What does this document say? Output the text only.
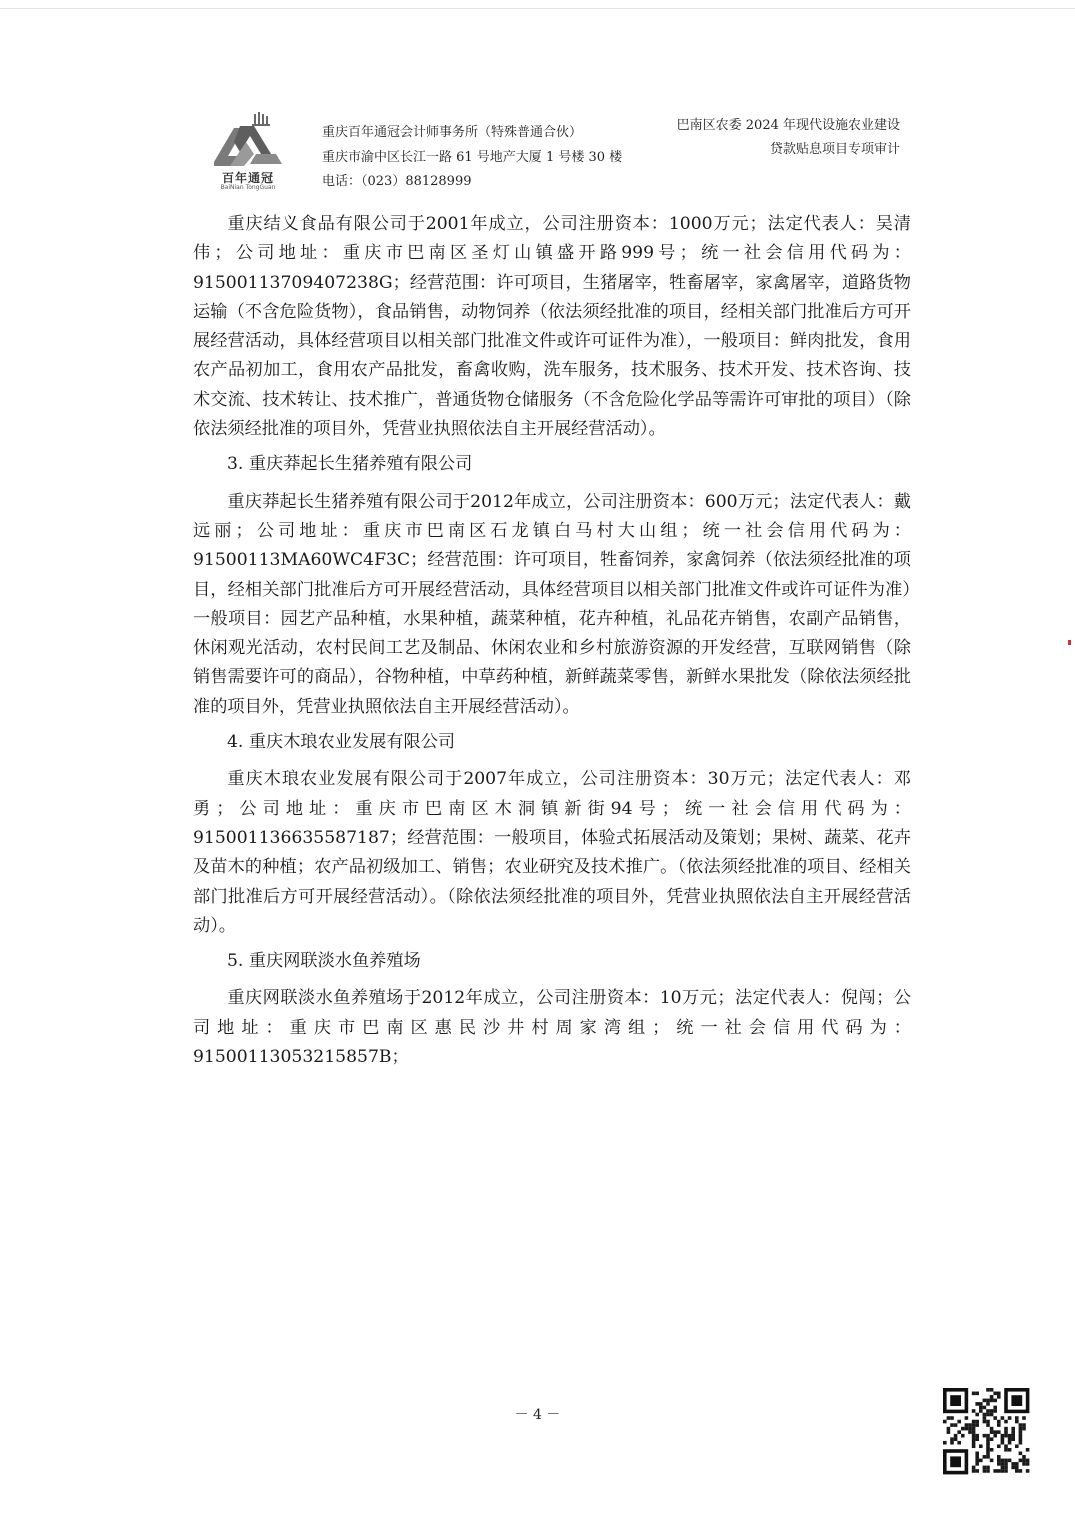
百年通冠
BaiNian TongGuan
重庆百年通冠会计师事务所（特殊普通合伙）
重庆市渝中区长江一路 61 号地产大厦 1 号楼 30 楼
电话：（023）88128999
巴南区农委 2024 年现代设施农业建设
贷款贴息项目专项审计

重庆结义食品有限公司于2001年成立，公司注册资本：1000万元；法定代表人：吴清伟；公司地址：重庆市巴南区圣灯山镇盛开路999号；统一社会信用代码为：91500113709407238G；经营范围：许可项目，生猪屠宰，牲畜屠宰，家禽屠宰，道路货物运输（不含危险货物），食品销售，动物饲养（依法须经批准的项目，经相关部门批准后方可开展经营活动，具体经营项目以相关部门批准文件或许可证件为准），一般项目：鲜肉批发，食用农产品初加工，食用农产品批发，畜禽收购，洗车服务，技术服务、技术开发、技术咨询、技术交流、技术转让、技术推广，普通货物仓储服务（不含危险化学品等需许可审批的项目）（除依法须经批准的项目外，凭营业执照依法自主开展经营活动）。

3. 重庆莽起长生猪养殖有限公司

重庆莽起长生猪养殖有限公司于2012年成立，公司注册资本：600万元；法定代表人：戴远丽；公司地址：重庆市巴南区石龙镇白马村大山组；统一社会信用代码为：91500113MA60WC4F3C；经营范围：许可项目，牲畜饲养，家禽饲养（依法须经批准的项目，经相关部门批准后方可开展经营活动，具体经营项目以相关部门批准文件或许可证件为准）一般项目：园艺产品种植，水果种植，蔬菜种植，花卉种植，礼品花卉销售，农副产品销售，休闲观光活动，农村民间工艺及制品、休闲农业和乡村旅游资源的开发经营，互联网销售（除销售需要许可的商品），谷物种植，中草药种植，新鲜蔬菜零售，新鲜水果批发（除依法须经批准的项目外，凭营业执照依法自主开展经营活动）。

4. 重庆木琅农业发展有限公司

重庆木琅农业发展有限公司于2007年成立，公司注册资本：30万元；法定代表人：邓勇；公司地址：重庆市巴南区木洞镇新街94号；统一社会信用代码为：915001136635587187；经营范围：一般项目，体验式拓展活动及策划；果树、蔬菜、花卉及苗木的种植；农产品初级加工、销售；农业研究及技术推广。（依法须经批准的项目、经相关部门批准后方可开展经营活动）。（除依法须经批准的项目外，凭营业执照依法自主开展经营活动）。

5. 重庆网联淡水鱼养殖场

重庆网联淡水鱼养殖场于2012年成立，公司注册资本：10万元；法定代表人：倪闯；公司地址：重庆市巴南区惠民沙井村周家湾组；统一社会信用代码为：91500113053215857B；

－ 4 －
